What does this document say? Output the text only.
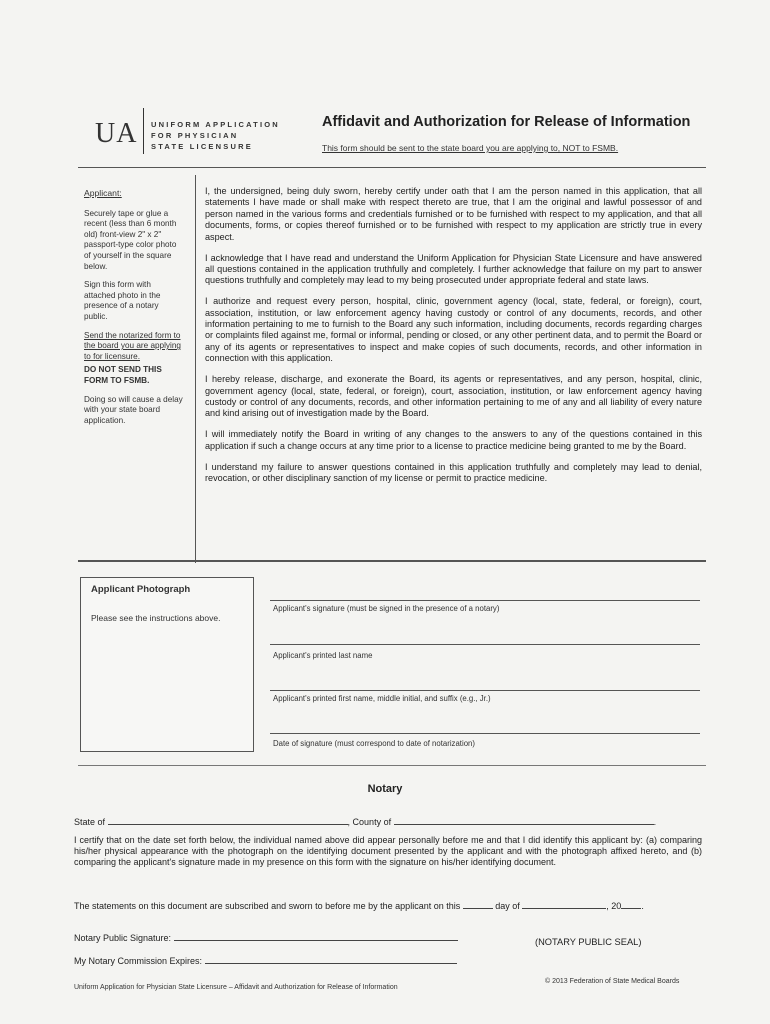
UA UNIFORM APPLICATION
FOR PHYSICIAN
STATE LICENSURE
Affidavit and Authorization for Release of Information
This form should be sent to the state board you are applying to, NOT to FSMB.

Applicant:

Securely tape or glue a recent (less than 6 month old) front-view 2" x 2" passport-type color photo of yourself in the square below.

Sign this form with attached photo in the presence of a notary public.

Send the notarized form to the board you are applying to for licensure.

DO NOT SEND THIS FORM TO FSMB.

Doing so will cause a delay with your state board application.

I, the undersigned, being duly sworn, hereby certify under oath that I am the person named in this application, that all statements I have made or shall make with respect thereto are true, that I am the original and lawful possessor of and person named in the various forms and credentials furnished or to be furnished with respect to my application, and that all documents, forms, or copies thereof furnished or to be furnished with respect to my application are strictly true in every aspect.

I acknowledge that I have read and understand the Uniform Application for Physician State Licensure and have answered all questions contained in the application truthfully and completely. I further acknowledge that failure on my part to answer questions truthfully and completely may lead to my being prosecuted under appropriate federal and state laws.

I authorize and request every person, hospital, clinic, government agency (local, state, federal, or foreign), court, association, institution, or law enforcement agency having custody or control of any documents, records, and other information pertaining to me to furnish to the Board any such information, including documents, records regarding charges or complaints filed against me, formal or informal, pending or closed, or any other pertinent data, and to permit the Board or any of its agents or representatives to inspect and make copies of such documents, records, and other information in connection with this application.

I hereby release, discharge, and exonerate the Board, its agents or representatives, and any person, hospital, clinic, government agency (local, state, federal, or foreign), court, association, institution, or law enforcement agency having custody or control of any documents, records, and other information pertaining to me of any and all liability of every nature and kind arising out of investigation made by the Board.

I will immediately notify the Board in writing of any changes to the answers to any of the questions contained in this application if such a change occurs at any time prior to a license to practice medicine being granted to me by the Board.

I understand my failure to answer questions contained in this application truthfully and completely may lead to denial, revocation, or other disciplinary sanction of my license or permit to practice medicine.

Applicant Photograph
Please see the instructions above.
Applicant's signature (must be signed in the presence of a notary)
Applicant's printed last name
Applicant's printed first name, middle initial, and suffix (e.g., Jr.)
Date of signature (must correspond to date of notarization)
Notary
State of	, County of	.
I certify that on the date set forth below, the individual named above did appear personally before me and that I did identify this applicant by: (a) comparing his/her physical appearance with the photograph on the identifying document presented by the applicant and with the photograph affixed hereto, and (b) comparing the applicant's signature made in my presence on this form with the signature on his/her identifying document.
The statements on this document are subscribed and sworn to before me by the applicant on this	day of	, 20 .
Notary Public Signature:	(NOTARY PUBLIC SEAL)
My Notary Commission Expires:
Uniform Application for Physician State Licensure – Affidavit and Authorization for Release of Information
© 2013 Federation of State Medical Boards
